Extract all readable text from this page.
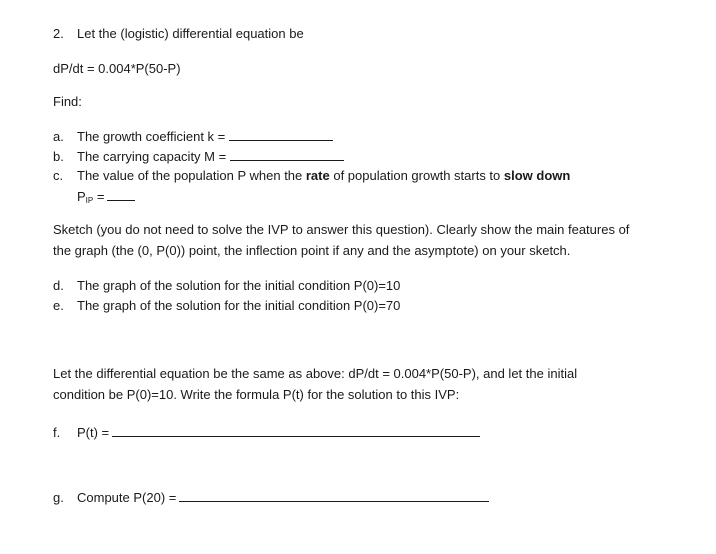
2. Let the (logistic) differential equation be
dP/dt = 0.004*P(50-P)
Find:
a. The growth coefficient k =
b. The carrying capacity M =
c. The value of the population P when the rate of population growth starts to slow down
PIP =
Sketch (you do not need to solve the IVP to answer this question). Clearly show the main features of
the graph (the (0, P(0)) point, the inflection point if any and the asymptote) on your sketch.
d. The graph of the solution for the initial condition P(0)=10
e. The graph of the solution for the initial condition P(0)=70
Let the differential equation be the same as above: dP/dt = 0.004*P(50-P), and let the initial
condition be P(0)=10. Write the formula P(t) for the solution to this IVP:
f. P(t) =
g. Compute P(20) =
